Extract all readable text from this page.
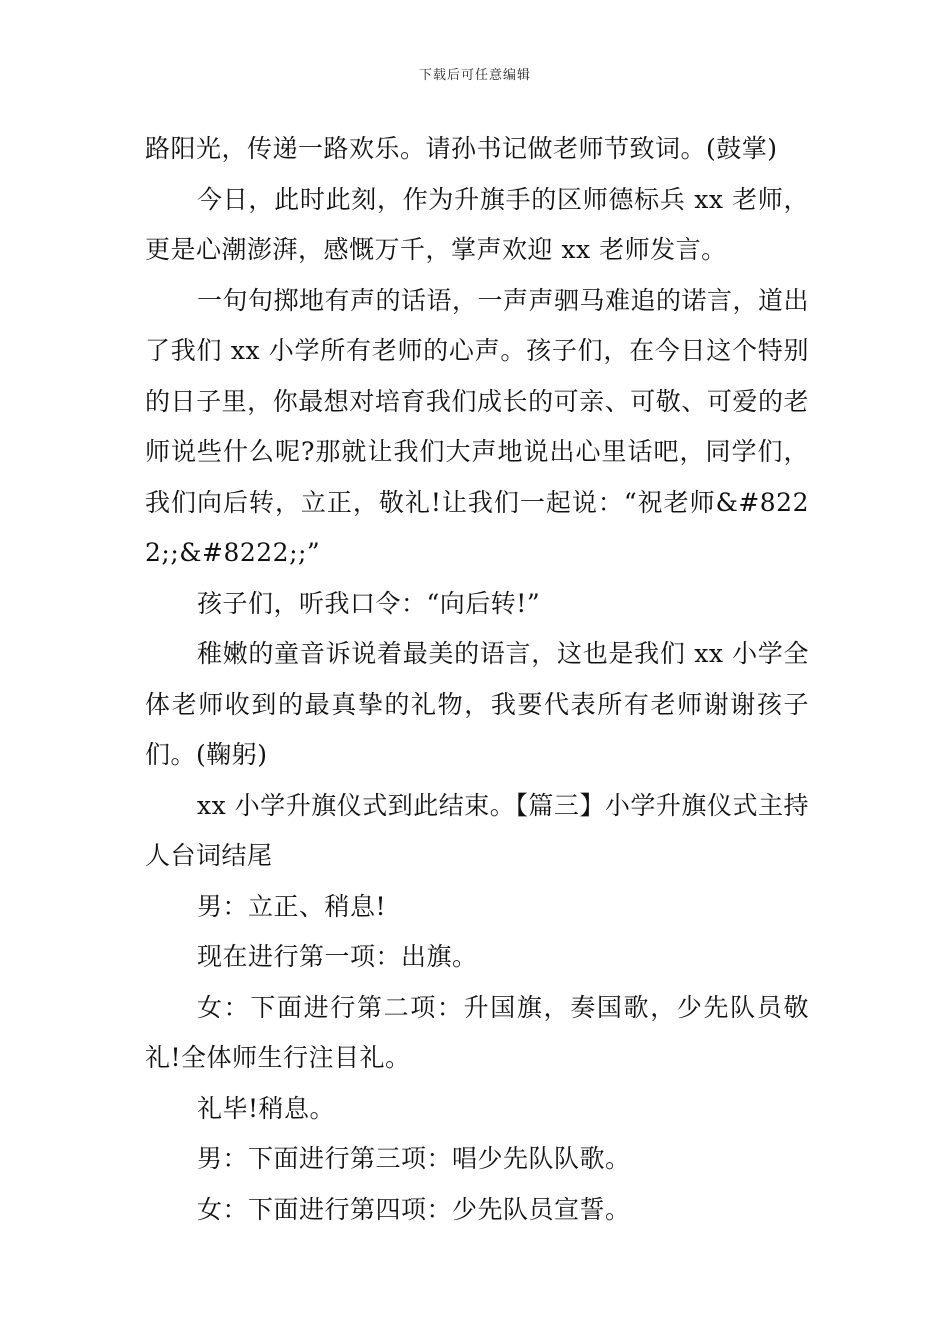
下载后可任意编辑

路阳光，传递一路欢乐。请孙书记做老师节致词。(鼓掌)

今日，此时此刻，作为升旗手的区师德标兵 xx 老师，更是心潮澎湃，感慨万千，掌声欢迎 xx 老师发言。

一句句掷地有声的话语，一声声驷马难追的诺言，道出了我们 xx 小学所有老师的心声。孩子们，在今日这个特别的日子里，你最想对培育我们成长的可亲、可敬、可爱的老师说些什么呢?那就让我们大声地说出心里话吧，同学们，我们向后转，立正，敬礼!让我们一起说：“祝老师&#8222;;&#8222;;”

孩子们，听我口令：“向后转!”

稚嫩的童音诉说着最美的语言，这也是我们 xx 小学全体老师收到的最真挚的礼物，我要代表所有老师谢谢孩子们。(鞠躬)

xx 小学升旗仪式到此结束。【篇三】小学升旗仪式主持人台词结尾

男：立正、稍息!

现在进行第一项：出旗。

女：下面进行第二项：升国旗，奏国歌，少先队员敬礼!全体师生行注目礼。

礼毕!稍息。

男：下面进行第三项：唱少先队队歌。

女：下面进行第四项：少先队员宣誓。
